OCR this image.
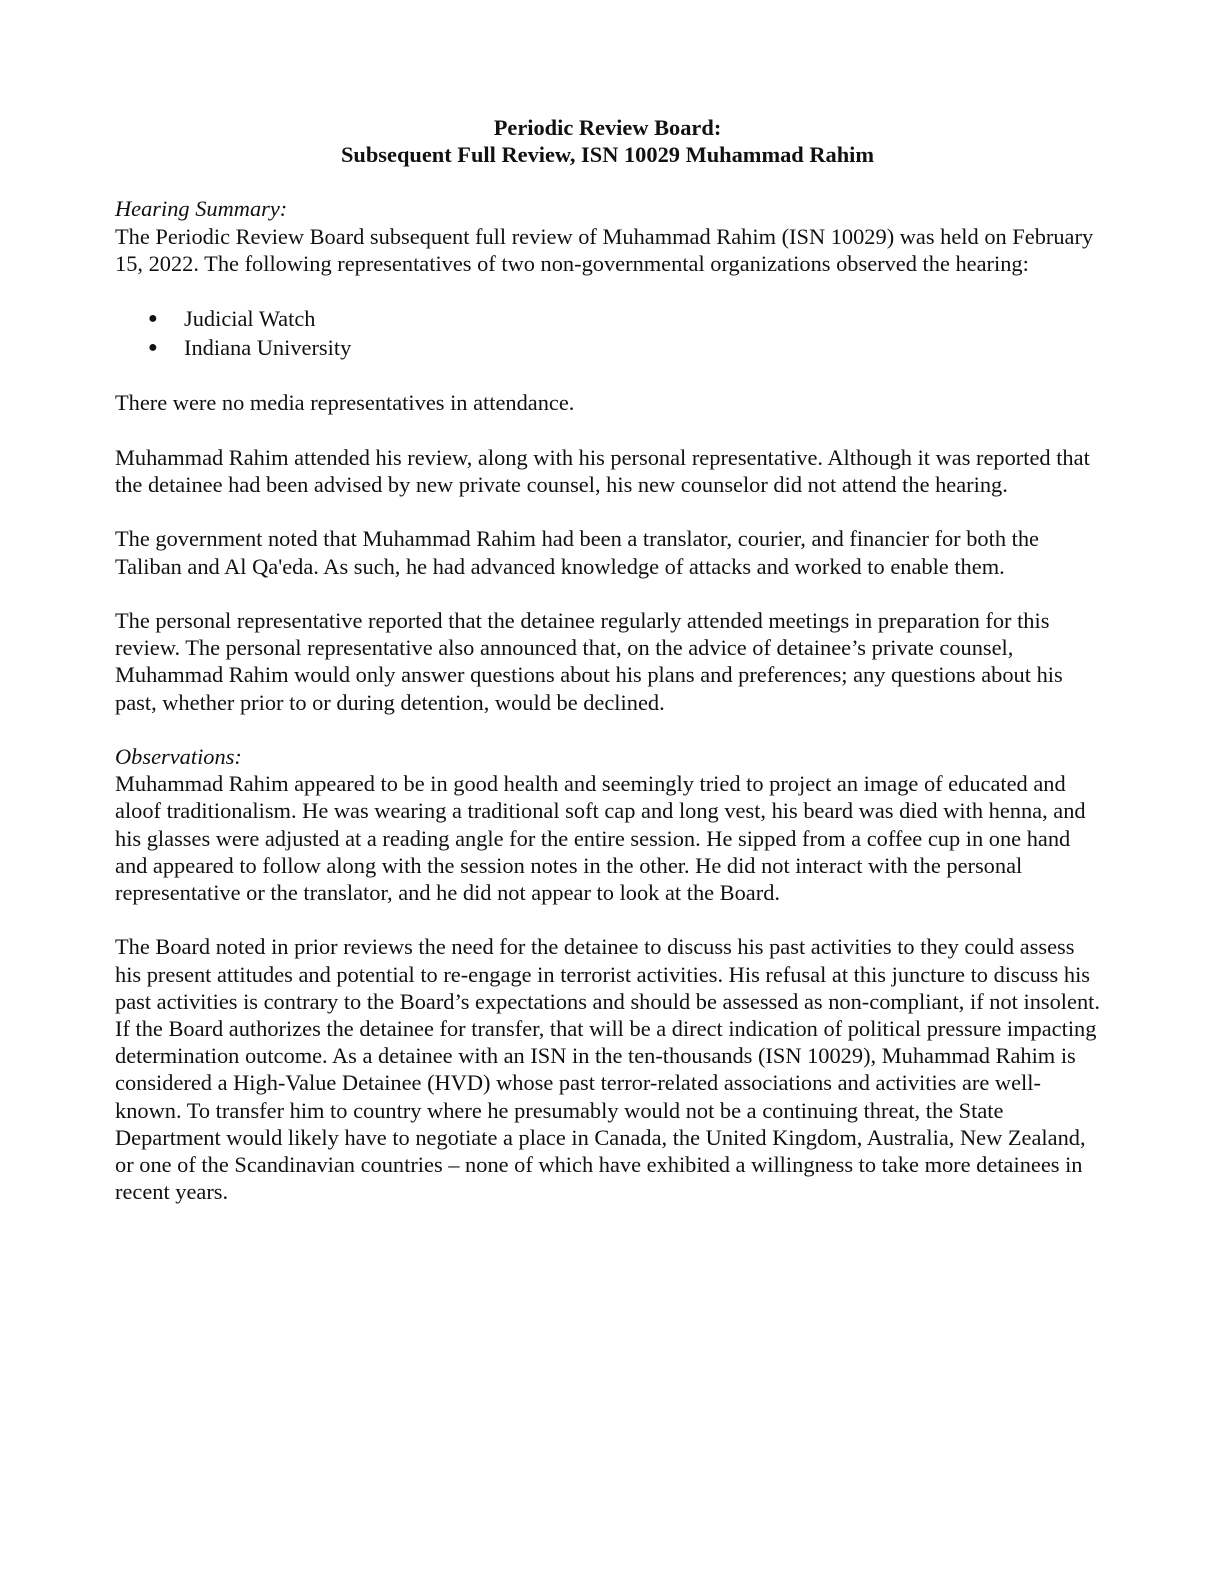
Periodic Review Board:
Subsequent Full Review, ISN 10029 Muhammad Rahim
Hearing Summary:

The Periodic Review Board subsequent full review of Muhammad Rahim (ISN 10029) was held on February 15, 2022. The following representatives of two non-governmental organizations observed the hearing:

● Judicial Watch
● Indiana University

There were no media representatives in attendance.

Muhammad Rahim attended his review, along with his personal representative. Although it was reported that the detainee had been advised by new private counsel, his new counselor did not attend the hearing.

The government noted that Muhammad Rahim had been a translator, courier, and financier for both the Taliban and Al Qa'eda. As such, he had advanced knowledge of attacks and worked to enable them.

The personal representative reported that the detainee regularly attended meetings in preparation for this review. The personal representative also announced that, on the advice of detainee’s private counsel, Muhammad Rahim would only answer questions about his plans and preferences; any questions about his past, whether prior to or during detention, would be declined.

Observations:

Muhammad Rahim appeared to be in good health and seemingly tried to project an image of educated and aloof traditionalism. He was wearing a traditional soft cap and long vest, his beard was died with henna, and his glasses were adjusted at a reading angle for the entire session. He sipped from a coffee cup in one hand and appeared to follow along with the session notes in the other. He did not interact with the personal representative or the translator, and he did not appear to look at the Board.

The Board noted in prior reviews the need for the detainee to discuss his past activities to they could assess his present attitudes and potential to re-engage in terrorist activities. His refusal at this juncture to discuss his past activities is contrary to the Board’s expectations and should be assessed as non-compliant, if not insolent. If the Board authorizes the detainee for transfer, that will be a direct indication of political pressure impacting determination outcome. As a detainee with an ISN in the ten-thousands (ISN 10029), Muhammad Rahim is considered a High-Value Detainee (HVD) whose past terror-related associations and activities are well-known. To transfer him to country where he presumably would not be a continuing threat, the State Department would likely have to negotiate a place in Canada, the United Kingdom, Australia, New Zealand, or one of the Scandinavian countries – none of which have exhibited a willingness to take more detainees in recent years.
